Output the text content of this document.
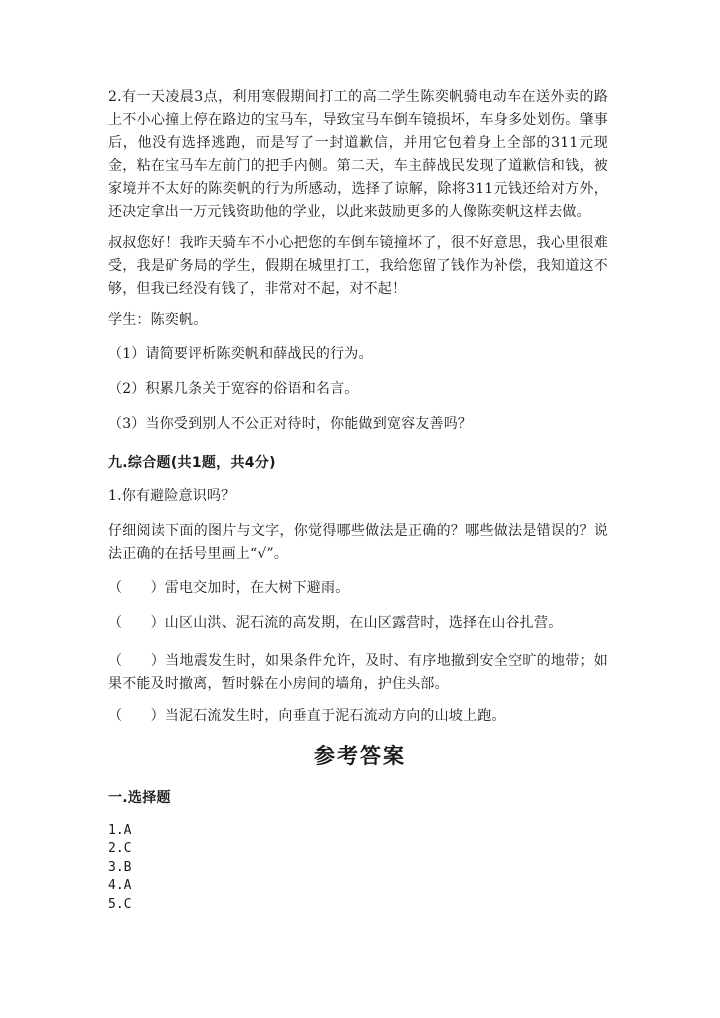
2.有一天凌晨3点，利用寒假期间打工的高二学生陈奕帆骑电动车在送外卖的路上不小心撞上停在路边的宝马车，导致宝马车倒车镜损坏，车身多处划伤。肇事后，他没有选择逃跑，而是写了一封道歉信，并用它包着身上全部的311元现金，粘在宝马车左前门的把手内侧。第二天，车主薛战民发现了道歉信和钱，被家境并不太好的陈奕帆的行为所感动，选择了谅解，除将311元钱还给对方外，还决定拿出一万元钱资助他的学业，以此来鼓励更多的人像陈奕帆这样去做。

叔叔您好！我昨天骑车不小心把您的车倒车镜撞坏了，很不好意思，我心里很难受，我是矿务局的学生，假期在城里打工，我给您留了钱作为补偿，我知道这不够，但我已经没有钱了，非常对不起，对不起！

学生：陈奕帆。

（1）请简要评析陈奕帆和薛战民的行为。

（2）积累几条关于宽容的俗语和名言。

（3）当你受到别人不公正对待时，你能做到宽容友善吗？

九.综合题(共1题，共4分)

1.你有避险意识吗？

仔细阅读下面的图片与文字，你觉得哪些做法是正确的？哪些做法是错误的？说法正确的在括号里画上“√”。

（　　）雷电交加时，在大树下避雨。

（　　）山区山洪、泥石流的高发期，在山区露营时，选择在山谷扎营。

（　　）当地震发生时，如果条件允许，及时、有序地撤到安全空旷的地带；如果不能及时撤离，暂时躲在小房间的墙角，护住头部。

（　　）当泥石流发生时，向垂直于泥石流动方向的山坡上跑。

参考答案

一.选择题

1.A
2.C
3.B
4.A
5.C
